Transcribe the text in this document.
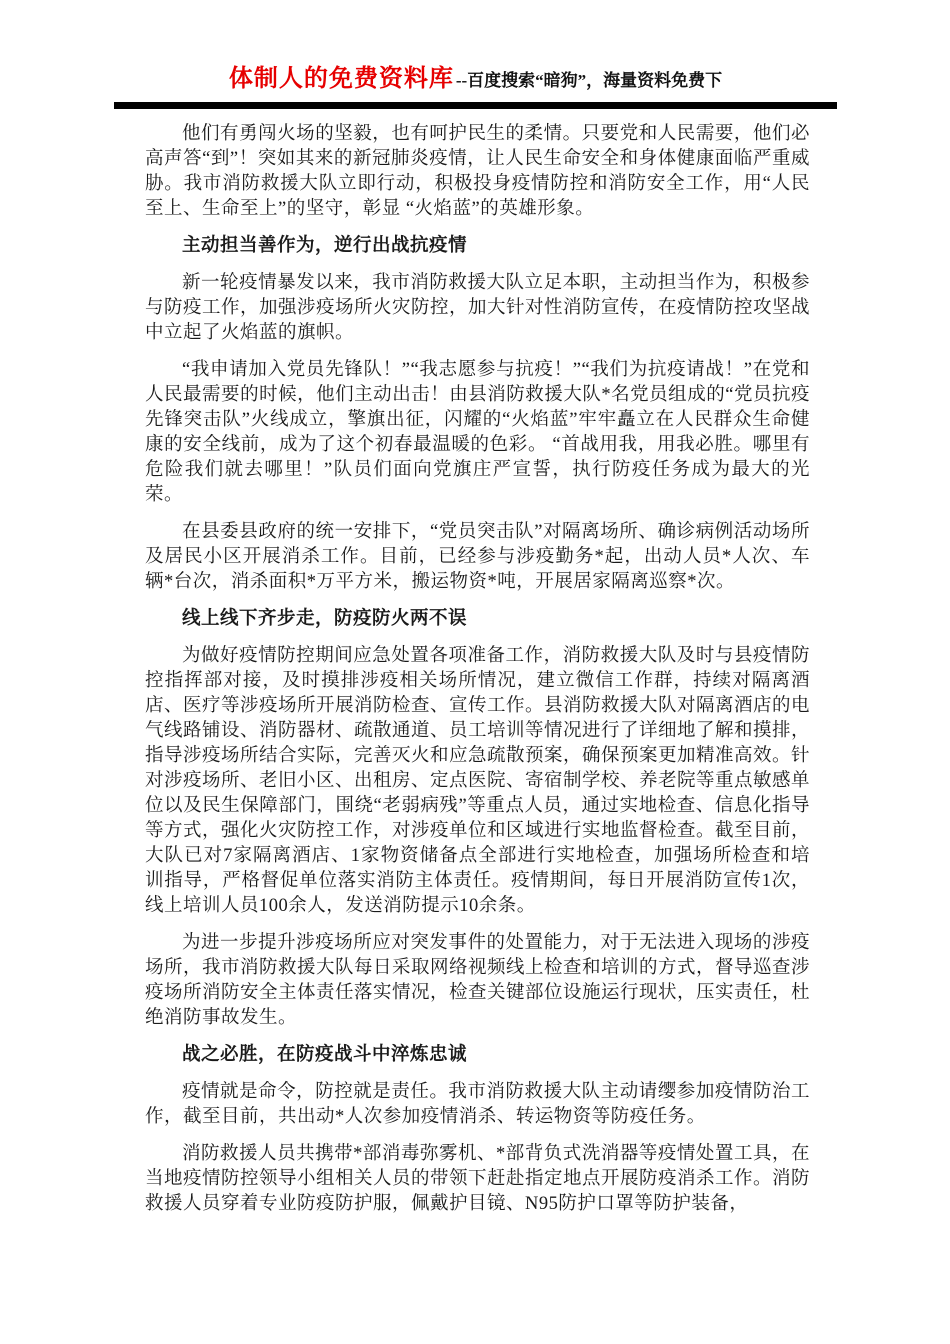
体制人的免费资料库 --百度搜索“暗狗”，海量资料免费下

他们有勇闯火场的坚毅，也有呵护民生的柔情。只要党和人民需要，他们必高声答“到”！突如其来的新冠肺炎疫情，让人民生命安全和身体健康面临严重威胁。我市消防救援大队立即行动，积极投身疫情防控和消防安全工作，用“人民至上、生命至上”的坚守，彰显 “火焰蓝”的英雄形象。

主动担当善作为，逆行出战抗疫情

新一轮疫情暴发以来，我市消防救援大队立足本职，主动担当作为，积极参与防疫工作，加强涉疫场所火灾防控，加大针对性消防宣传，在疫情防控攻坚战中立起了火焰蓝的旗帜。

“我申请加入党员先锋队！”“我志愿参与抗疫！”“我们为抗疫请战！”在党和人民最需要的时候，他们主动出击！由县消防救援大队*名党员组成的“党员抗疫先锋突击队”火线成立，擎旗出征，闪耀的“火焰蓝”牢牢矗立在人民群众生命健康的安全线前，成为了这个初春最温暖的色彩。 “首战用我，用我必胜。哪里有危险我们就去哪里！”队员们面向党旗庄严宣誓，执行防疫任务成为最大的光荣。

在县委县政府的统一安排下，“党员突击队”对隔离场所、确诊病例活动场所及居民小区开展消杀工作。目前，已经参与涉疫勤务*起，出动人员*人次、车辆*台次，消杀面积*万平方米，搬运物资*吨，开展居家隔离巡察*次。

线上线下齐步走，防疫防火两不误

为做好疫情防控期间应急处置各项准备工作，消防救援大队及时与县疫情防控指挥部对接，及时摸排涉疫相关场所情况，建立微信工作群，持续对隔离酒店、医疗等涉疫场所开展消防检查、宣传工作。县消防救援大队对隔离酒店的电气线路铺设、消防器材、疏散通道、员工培训等情况进行了详细地了解和摸排，指导涉疫场所结合实际，完善灭火和应急疏散预案，确保预案更加精准高效。针对涉疫场所、老旧小区、出租房、定点医院、寄宿制学校、养老院等重点敏感单位以及民生保障部门，围绕“老弱病残”等重点人员，通过实地检查、信息化指导等方式，强化火灾防控工作，对涉疫单位和区域进行实地监督检查。截至目前，大队已对7家隔离酒店、1家物资储备点全部进行实地检查，加强场所检查和培训指导，严格督促单位落实消防主体责任。疫情期间，每日开展消防宣传1次，线上培训人员100余人，发送消防提示10余条。

为进一步提升涉疫场所应对突发事件的处置能力，对于无法进入现场的涉疫场所，我市消防救援大队每日采取网络视频线上检查和培训的方式，督导巡查涉疫场所消防安全主体责任落实情况，检查关键部位设施运行现状，压实责任，杜绝消防事故发生。

战之必胜，在防疫战斗中淬炼忠诚

疫情就是命令，防控就是责任。我市消防救援大队主动请缨参加疫情防治工作，截至目前，共出动*人次参加疫情消杀、转运物资等防疫任务。

消防救援人员共携带*部消毒弥雾机、*部背负式洗消器等疫情处置工具，在当地疫情防控领导小组相关人员的带领下赶赴指定地点开展防疫消杀工作。消防救援人员穿着专业防疫防护服，佩戴护目镜、N95防护口罩等防护装备，
